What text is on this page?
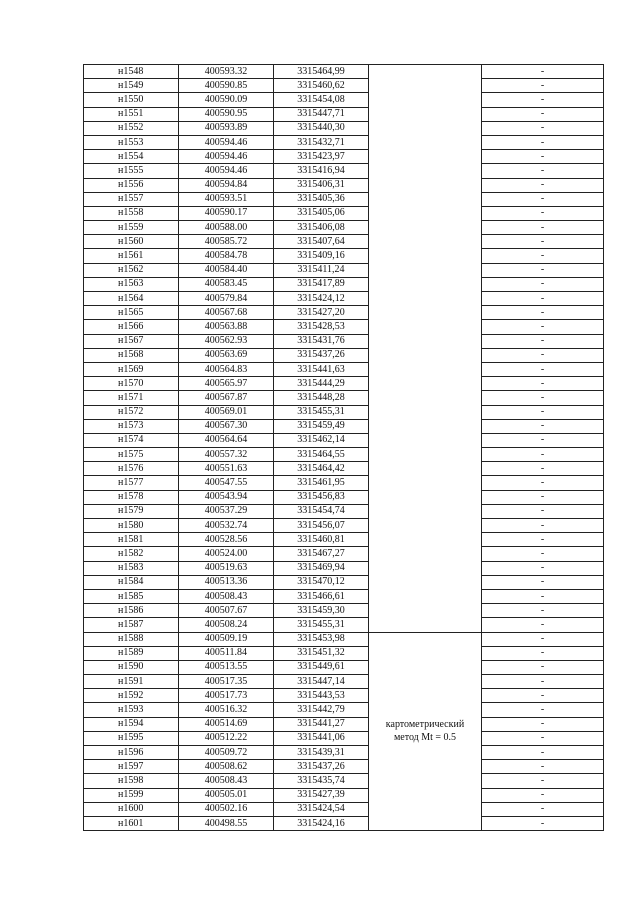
н1548	400593.32	3315464,99		-
н1549	400590.85	3315460,62		-
н1550	400590.09	3315454,08		-
н1551	400590.95	3315447,71		-
н1552	400593.89	3315440,30		-
н1553	400594.46	3315432,71		-
н1554	400594.46	3315423,97		-
н1555	400594.46	3315416,94		-
н1556	400594.84	3315406,31		-
н1557	400593.51	3315405,36		-
н1558	400590.17	3315405,06		-
н1559	400588.00	3315406,08		-
н1560	400585.72	3315407,64		-
н1561	400584.78	3315409,16		-
н1562	400584.40	3315411,24		-
н1563	400583.45	3315417,89		-
н1564	400579.84	3315424,12		-
н1565	400567.68	3315427,20		-
н1566	400563.88	3315428,53		-
н1567	400562.93	3315431,76		-
н1568	400563.69	3315437,26		-
н1569	400564.83	3315441,63		-
н1570	400565.97	3315444,29		-
н1571	400567.87	3315448,28		-
н1572	400569.01	3315455,31		-
н1573	400567.30	3315459,49		-
н1574	400564.64	3315462,14		-
н1575	400557.32	3315464,55		-
н1576	400551.63	3315464,42		-
н1577	400547.55	3315461,95		-
н1578	400543.94	3315456,83		-
н1579	400537.29	3315454,74		-
н1580	400532.74	3315456,07		-
н1581	400528.56	3315460,81		-
н1582	400524.00	3315467,27		-
н1583	400519.63	3315469,94		-
н1584	400513.36	3315470,12		-
н1585	400508.43	3315466,61		-
н1586	400507.67	3315459,30		-
н1587	400508.24	3315455,31		-
н1588	400509.19	3315453,98	картометрический
метод Mt = 0.5	-
н1589	400511.84	3315451,32		-
н1590	400513.55	3315449,61		-
н1591	400517.35	3315447,14		-
н1592	400517.73	3315443,53		-
н1593	400516.32	3315442,79		-
н1594	400514.69	3315441,27		-
н1595	400512.22	3315441,06		-
н1596	400509.72	3315439,31		-
н1597	400508.62	3315437,26		-
н1598	400508.43	3315435,74		-
н1599	400505.01	3315427,39		-
н1600	400502.16	3315424,54		-
н1601	400498.55	3315424,16		-
